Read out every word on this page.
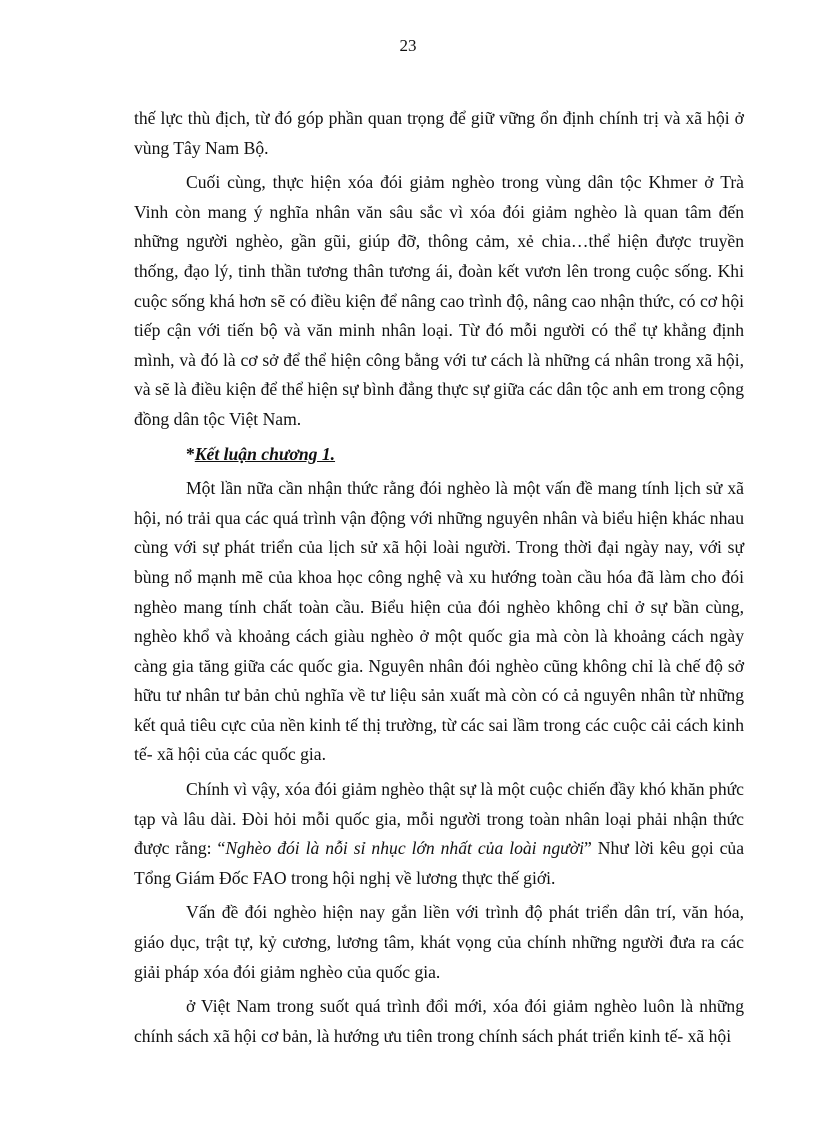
23

thế lực thù địch, từ đó góp phần quan trọng để giữ vững ổn định chính trị và xã hội ở vùng Tây Nam Bộ.

Cuối cùng, thực hiện xóa đói giảm nghèo trong vùng dân tộc Khmer ở Trà Vinh còn mang ý nghĩa nhân văn sâu sắc vì xóa đói giảm nghèo là quan tâm đến những người nghèo, gần gũi, giúp đỡ, thông cảm, xẻ chia…thể hiện được truyền thống, đạo lý, tinh thần tương thân tương ái, đoàn kết vươn lên trong cuộc sống. Khi cuộc sống khá hơn sẽ có điều kiện để nâng cao trình độ, nâng cao nhận thức, có cơ hội tiếp cận với tiến bộ và văn minh nhân loại. Từ đó mỗi người có thể tự khẳng định mình, và đó là cơ sở để thể hiện công bằng với tư cách là những cá nhân trong xã hội, và sẽ là điều kiện để thể hiện sự bình đẳng thực sự giữa các dân tộc anh em trong cộng đồng dân tộc Việt Nam.

*Kết luận chương 1.

Một lần nữa cần nhận thức rằng đói nghèo là một vấn đề mang tính lịch sử xã hội, nó trải qua các quá trình vận động với những nguyên nhân và biểu hiện khác nhau cùng với sự phát triển của lịch sử xã hội loài người. Trong thời đại ngày nay, với sự bùng nổ mạnh mẽ của khoa học công nghệ và xu hướng toàn cầu hóa đã làm cho đói nghèo mang tính chất toàn cầu. Biểu hiện của đói nghèo không chỉ ở sự bần cùng, nghèo khổ và khoảng cách giàu nghèo ở một quốc gia mà còn là khoảng cách ngày càng gia tăng giữa các quốc gia. Nguyên nhân đói nghèo cũng không chỉ là chế độ sở hữu tư nhân tư bản chủ nghĩa về tư liệu sản xuất mà còn có cả nguyên nhân từ những kết quả tiêu cực của nền kinh tế thị trường, từ các sai lầm trong các cuộc cải cách kinh tế- xã hội của các quốc gia.

Chính vì vậy, xóa đói giảm nghèo thật sự là một cuộc chiến đầy khó khăn phức tạp và lâu dài. Đòi hỏi mỗi quốc gia, mỗi người trong toàn nhân loại phải nhận thức được rằng: “Nghèo đói là nỗi sỉ nhục lớn nhất của loài người” Như lời kêu gọi của Tổng Giám Đốc FAO trong hội nghị về lương thực thế giới.

Vấn đề đói nghèo hiện nay gắn liền với trình độ phát triển dân trí, văn hóa, giáo dục, trật tự, kỷ cương, lương tâm, khát vọng của chính những người đưa ra các giải pháp xóa đói giảm nghèo của quốc gia.

ở Việt Nam trong suốt quá trình đổi mới, xóa đói giảm nghèo luôn là những chính sách xã hội cơ bản, là hướng ưu tiên trong chính sách phát triển kinh tế- xã hội
